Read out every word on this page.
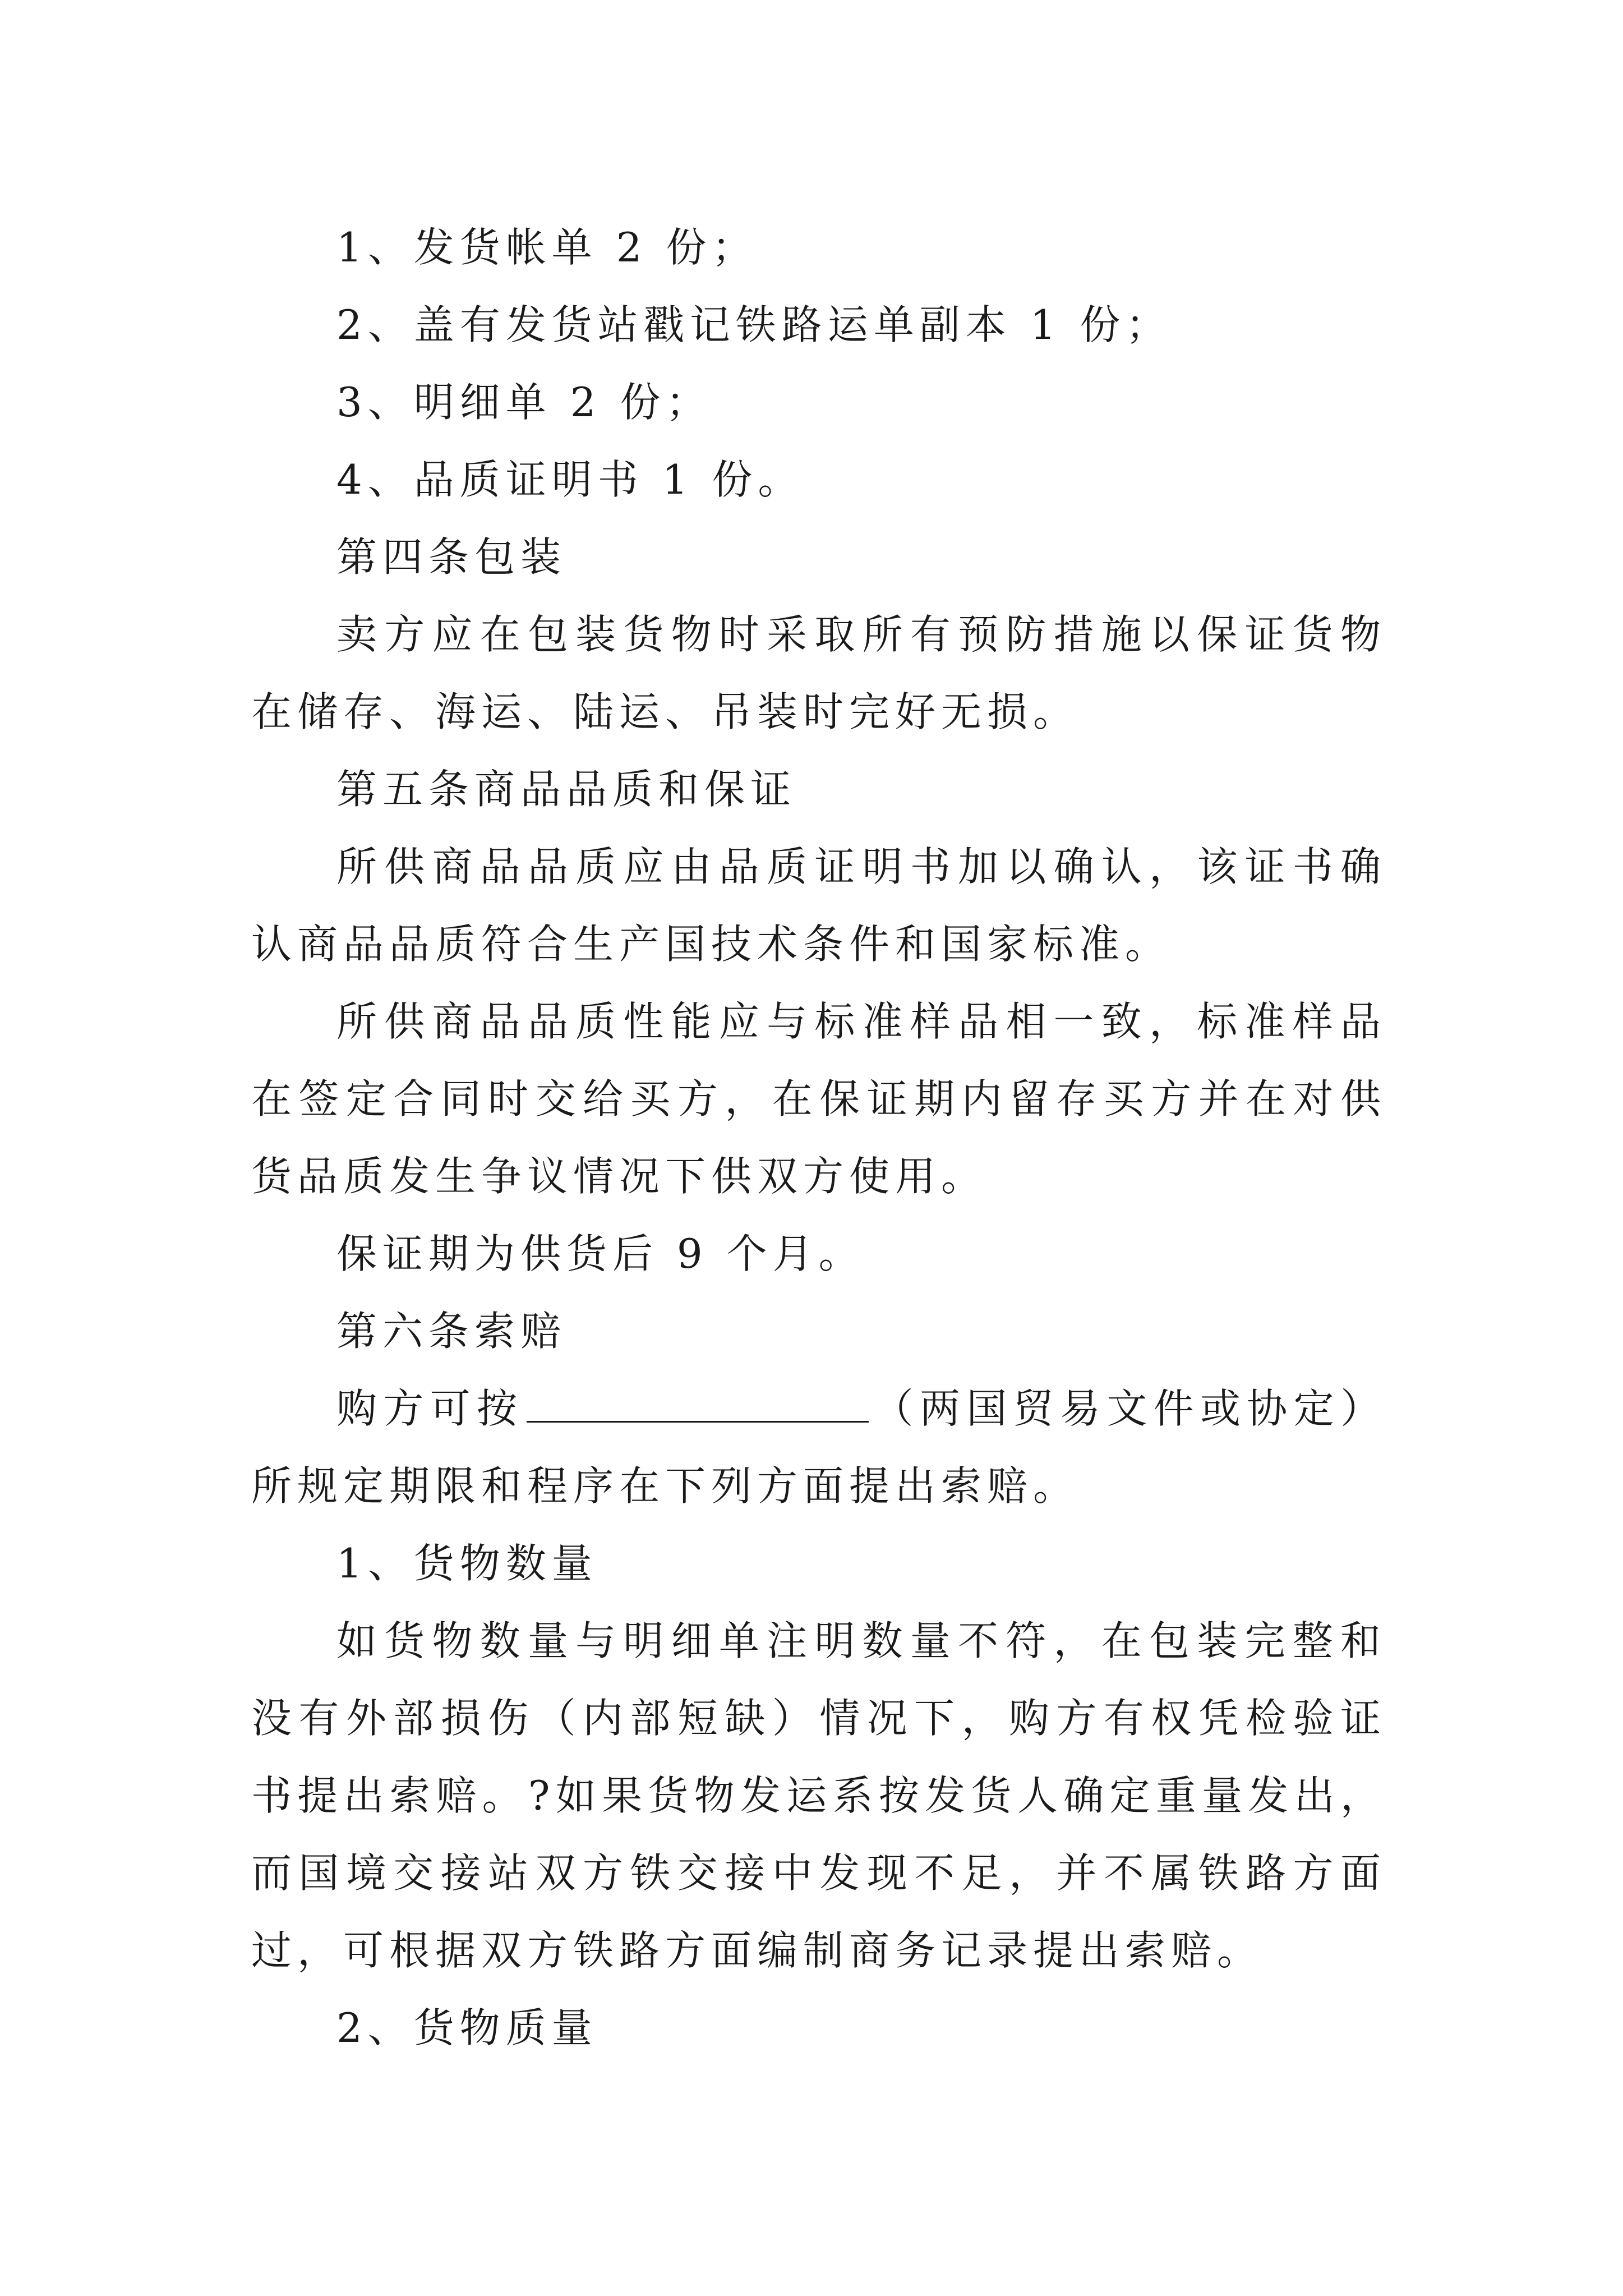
1、发货帐单 2 份；

2、盖有发货站戳记铁路运单副本 1 份；

3、明细单 2 份；

4、品质证明书 1 份。

第四条包装

卖方应在包装货物时采取所有预防措施以保证货物在储存、海运、陆运、吊装时完好无损。

第五条商品品质和保证

所供商品品质应由品质证明书加以确认，该证书确认商品品质符合生产国技术条件和国家标准。

所供商品品质性能应与标准样品相一致，标准样品在签定合同时交给买方，在保证期内留存买方并在对供货品质发生争议情况下供双方使用。

保证期为供货后 9 个月。

第六条索赔

购方可按	（两国贸易文件或协定）所规定期限和程序在下列方面提出索赔。

1、货物数量

如货物数量与明细单注明数量不符，在包装完整和没有外部损伤（内部短缺）情况下，购方有权凭检验证书提出索赔。?如果货物发运系按发货人确定重量发出，而国境交接站双方铁交接中发现不足，并不属铁路方面过，可根据双方铁路方面编制商务记录提出索赔。

2、货物质量
